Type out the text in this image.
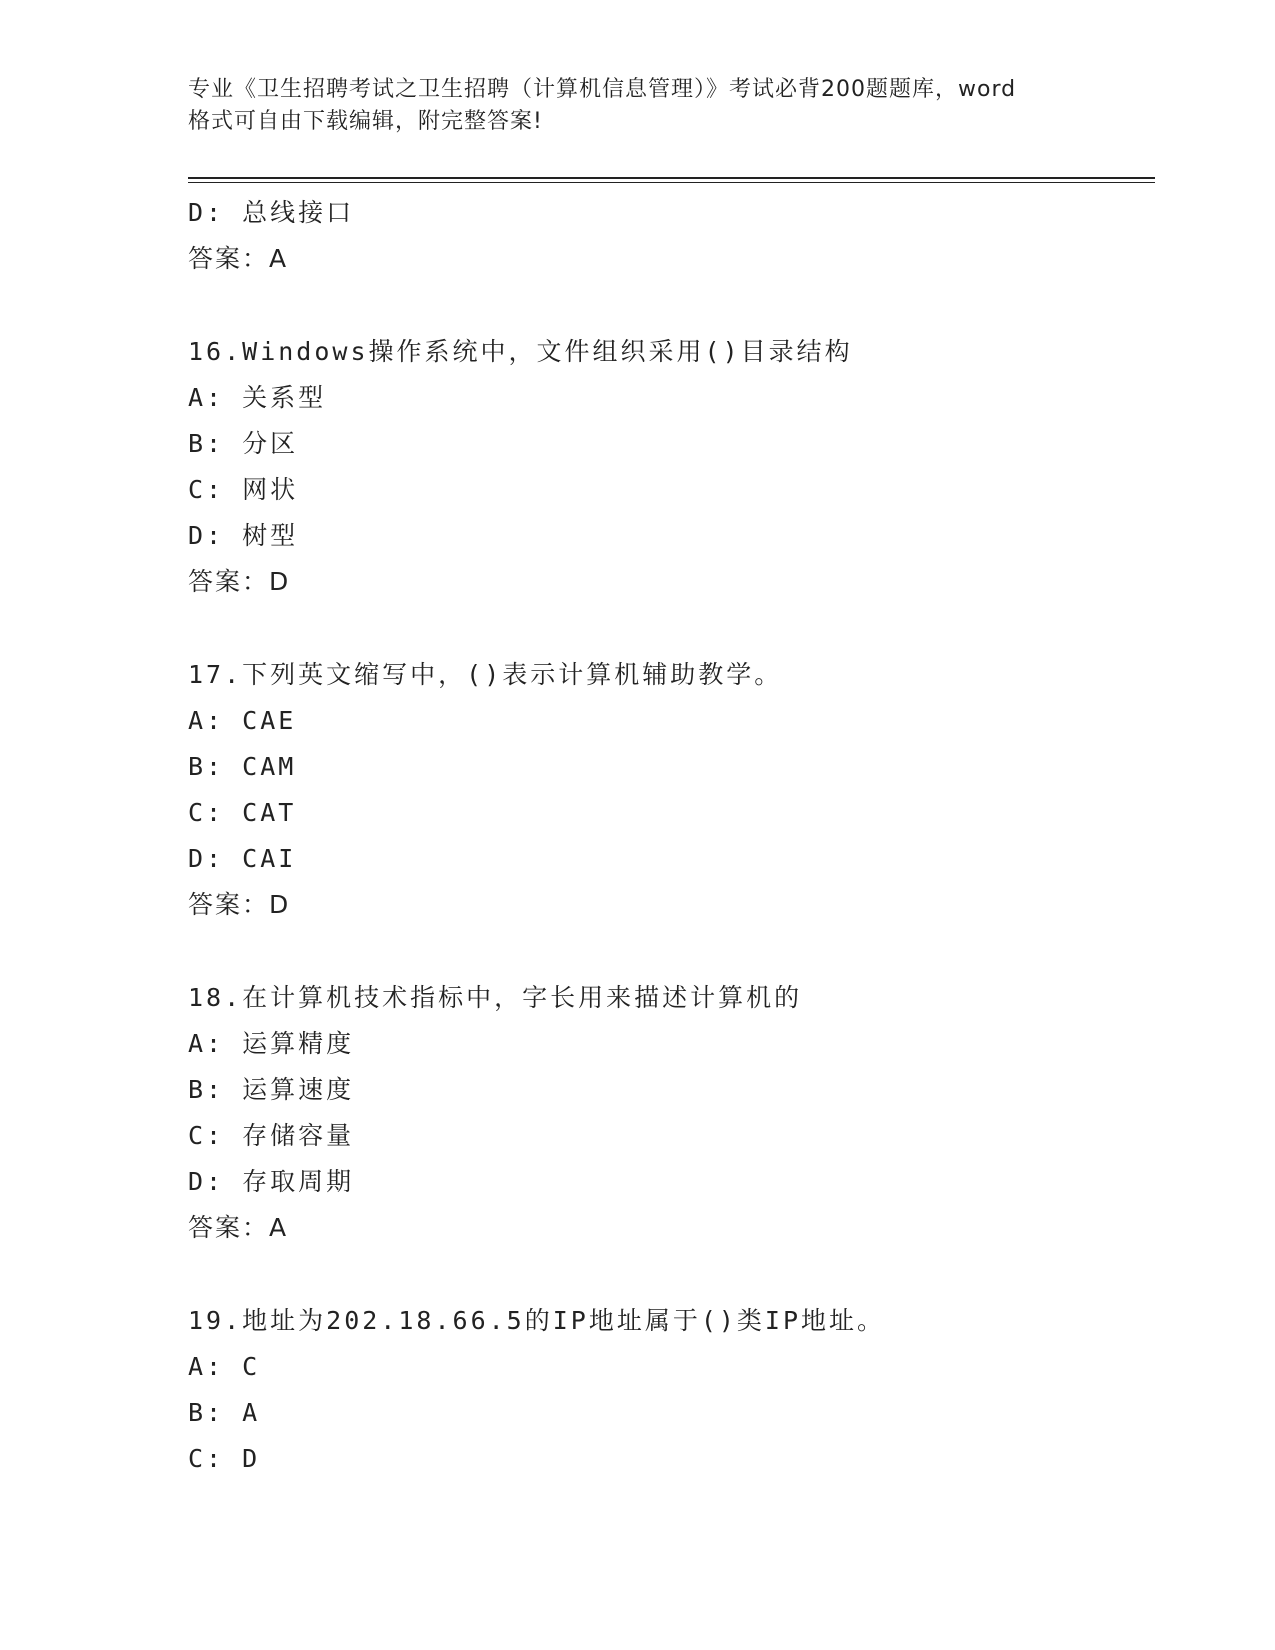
专业《卫生招聘考试之卫生招聘（计算机信息管理）》考试必背200题题库，word
格式可自由下载编辑，附完整答案!
D: 总线接口
答案：A
16.Windows操作系统中，文件组织采用()目录结构
A: 关系型
B: 分区
C: 网状
D: 树型
答案：D
17.下列英文缩写中，()表示计算机辅助教学。
A: CAE
B: CAM
C: CAT
D: CAI
答案：D
18.在计算机技术指标中，字长用来描述计算机的
A: 运算精度
B: 运算速度
C: 存储容量
D: 存取周期
答案：A
19.地址为202.18.66.5的IP地址属于()类IP地址。
A: C
B: A
C: D
